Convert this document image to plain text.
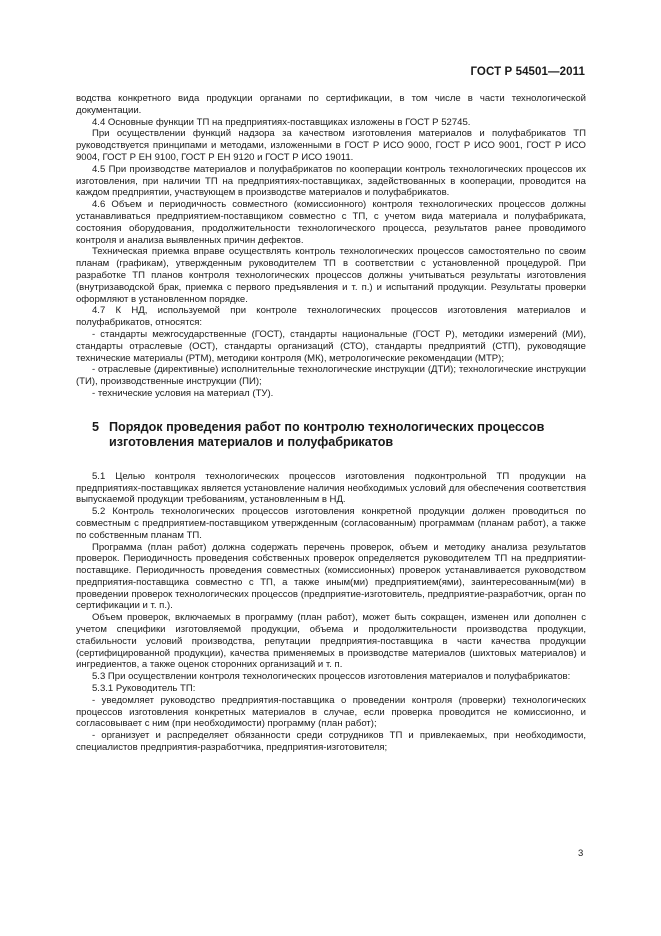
ГОСТ Р 54501—2011

водства конкретного вида продукции органами по сертификации, в том числе в части технологической документации.

4.4 Основные функции ТП на предприятиях-поставщиках изложены в ГОСТ Р 52745.

При осуществлении функций надзора за качеством изготовления материалов и полуфабрикатов ТП руководствуется принципами и методами, изложенными в ГОСТ Р ИСО 9000, ГОСТ Р ИСО 9001, ГОСТ Р ИСО 9004, ГОСТ Р ЕН 9100, ГОСТ Р ЕН 9120 и ГОСТ Р ИСО 19011.

4.5 При производстве материалов и полуфабрикатов по кооперации контроль технологических процессов их изготовления, при наличии ТП на предприятиях-поставщиках, задействованных в кооперации, проводится на каждом предприятии, участвующем в производстве материалов и полуфабрикатов.

4.6 Объем и периодичность совместного (комиссионного) контроля технологических процессов должны устанавливаться предприятием-поставщиком совместно с ТП, с учетом вида материала и полуфабриката, состояния оборудования, продолжительности технологического процесса, результатов ранее проводимого контроля и анализа выявленных причин дефектов.

Техническая приемка вправе осуществлять контроль технологических процессов самостоятельно по своим планам (графикам), утвержденным руководителем ТП в соответствии с установленной процедурой. При разработке ТП планов контроля технологических процессов должны учитываться результаты изготовления (внутризаводской брак, приемка с первого предъявления и т. п.) и испытаний продукции. Результаты проверки оформляют в установленном порядке.

4.7 К НД, используемой при контроле технологических процессов изготовления материалов и полуфабрикатов, относятся:

- стандарты межгосударственные (ГОСТ), стандарты национальные (ГОСТ Р), методики измерений (МИ), стандарты отраслевые (ОСТ), стандарты организаций (СТО), стандарты предприятий (СТП), руководящие технические материалы (РТМ), методики контроля (МК), метрологические рекомендации (МТР);

- отраслевые (директивные) исполнительные технологические инструкции (ДТИ); технологические инструкции (ТИ), производственные инструкции (ПИ);

- технические условия на материал (ТУ).

5 Порядок проведения работ по контролю технологических процессов
изготовления материалов и полуфабрикатов

5.1 Целью контроля технологических процессов изготовления подконтрольной ТП продукции на предприятиях-поставщиках является установление наличия необходимых условий для обеспечения соответствия выпускаемой продукции требованиям, установленным в НД.

5.2 Контроль технологических процессов изготовления конкретной продукции должен проводиться по совместным с предприятием-поставщиком утвержденным (согласованным) программам (планам работ), а также по собственным планам ТП.

Программа (план работ) должна содержать перечень проверок, объем и методику анализа результатов проверок. Периодичность проведения собственных проверок определяется руководителем ТП на предприятии-поставщике. Периодичность проведения совместных (комиссионных) проверок устанавливается руководством предприятия-поставщика совместно с ТП, а также иным(ми) предприятием(ями), заинтересованным(ми) в проведении проверок технологических процессов (предприятие-изготовитель, предприятие-разработчик, орган по сертификации и т. п.).

Объем проверок, включаемых в программу (план работ), может быть сокращен, изменен или дополнен с учетом специфики изготовляемой продукции, объема и продолжительности производства продукции, стабильности условий производства, репутации предприятия-поставщика в части качества продукции (сертифицированной продукции), качества применяемых в производстве материалов (шихтовых материалов) и ингредиентов, а также оценок сторонних организаций и т. п.

5.3 При осуществлении контроля технологических процессов изготовления материалов и полуфабрикатов:

5.3.1 Руководитель ТП:

- уведомляет руководство предприятия-поставщика о проведении контроля (проверки) технологических процессов изготовления конкретных материалов в случае, если проверка проводится не комиссионно, и согласовывает с ним (при необходимости) программу (план работ);

- организует и распределяет обязанности среди сотрудников ТП и привлекаемых, при необходимости, специалистов предприятия-разработчика, предприятия-изготовителя;

3
